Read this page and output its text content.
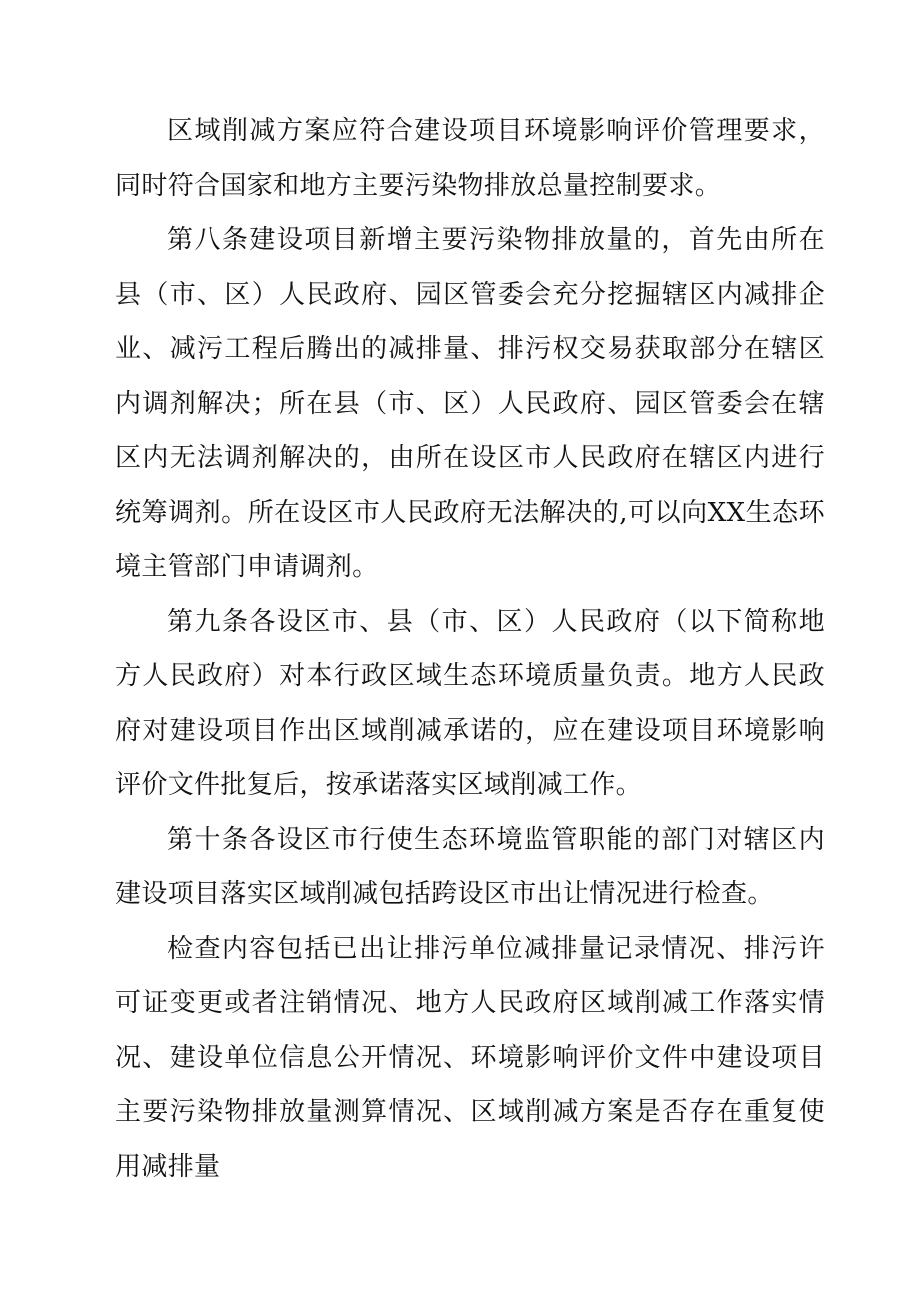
区域削减方案应符合建设项目环境影响评价管理要求，同时符合国家和地方主要污染物排放总量控制要求。

第八条建设项目新增主要污染物排放量的，首先由所在县（市、区）人民政府、园区管委会充分挖掘辖区内减排企业、减污工程后腾出的减排量、排污权交易获取部分在辖区内调剂解决；所在县（市、区）人民政府、园区管委会在辖区内无法调剂解决的，由所在设区市人民政府在辖区内进行统筹调剂。所在设区市人民政府无法解决的,可以向XX生态环境主管部门申请调剂。

第九条各设区市、县（市、区）人民政府（以下简称地方人民政府）对本行政区域生态环境质量负责。地方人民政府对建设项目作出区域削减承诺的，应在建设项目环境影响评价文件批复后，按承诺落实区域削减工作。

第十条各设区市行使生态环境监管职能的部门对辖区内建设项目落实区域削减包括跨设区市出让情况进行检查。

检查内容包括已出让排污单位减排量记录情况、排污许可证变更或者注销情况、地方人民政府区域削减工作落实情况、建设单位信息公开情况、环境影响评价文件中建设项目主要污染物排放量测算情况、区域削减方案是否存在重复使用减排量
